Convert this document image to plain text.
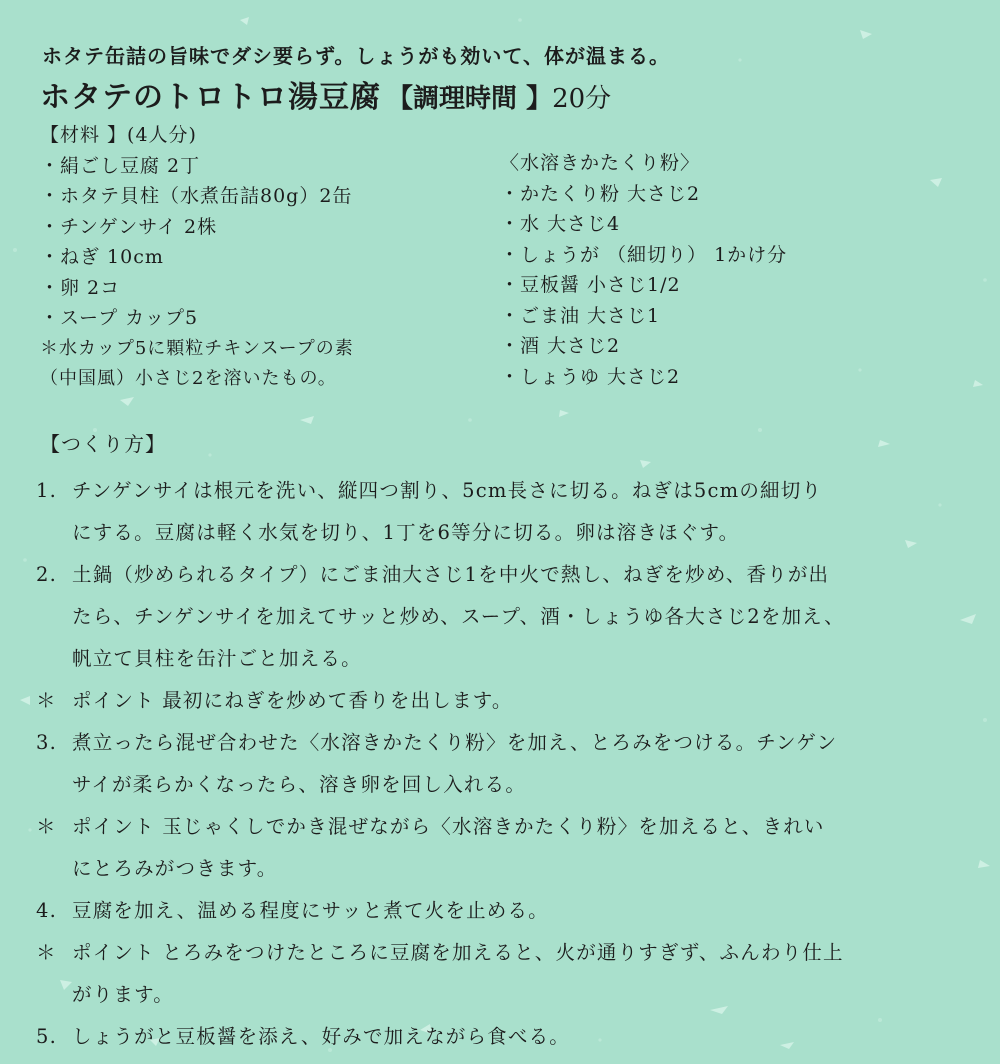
ホタテ缶詰の旨味でダシ要らず。しょうがも効いて、体が温まる。
ホタテのトロトロ湯豆腐 【調理時間 】20分
【材料 】(4人分)
・ 絹ごし豆腐 2丁
・ ホタテ貝柱（水煮缶詰80g）2缶
・ チンゲンサイ 2株
・ ねぎ 10cm
・ 卵 2コ
・ スープ カップ5
＊水カップ5に顆粒チキンスープの素
（中国風）小さじ2を溶いたもの。
〈水溶きかたくり粉〉
・ かたくり粉 大さじ2
・ 水 大さじ4
・ しょうが （細切り） 1かけ分
・ 豆板醤 小さじ1/2
・ ごま油 大さじ1
・ 酒 大さじ2
・ しょうゆ 大さじ2
【つくり方】
1. チンゲンサイは根元を洗い、縦四つ割り、5cm長さに切る。ねぎは5cmの細切り
にする。豆腐は軽く水気を切り、1丁を6等分に切る。卵は溶きほぐす。
2. 土鍋（炒められるタイプ）にごま油大さじ1を中火で熱し、ねぎを炒め、香りが出
たら、チンゲンサイを加えてサッと炒め、スープ、酒・しょうゆ各大さじ2を加え、
帆立て貝柱を缶汁ごと加える。
＊ ポイント 最初にねぎを炒めて香りを出します。
3. 煮立ったら混ぜ合わせた〈水溶きかたくり粉〉を加え、とろみをつける。チンゲン
サイが柔らかくなったら、溶き卵を回し入れる。
＊ ポイント 玉じゃくしでかき混ぜながら〈水溶きかたくり粉〉を加えると、きれい
にとろみがつきます。
4. 豆腐を加え、温める程度にサッと煮て火を止める。
＊ ポイント とろみをつけたところに豆腐を加えると、火が通りすぎず、ふんわり仕上
がります。
5. しょうがと豆板醤を添え、好みで加えながら食べる。
